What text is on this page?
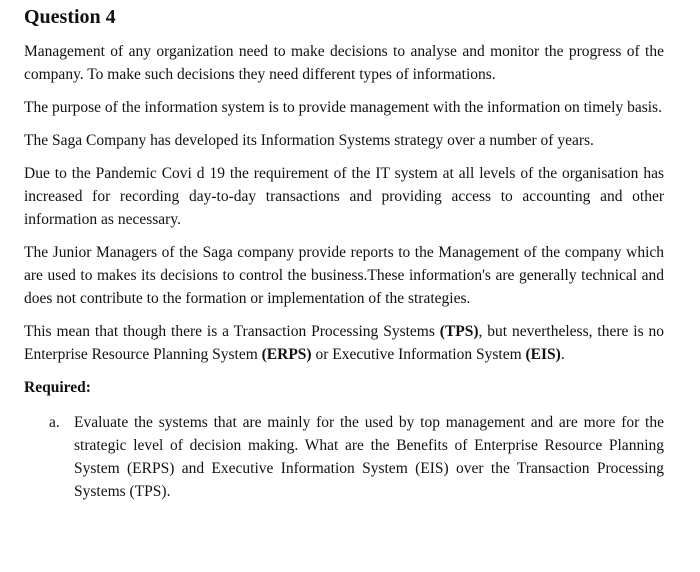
Question 4

Management of any organization need to make decisions to analyse and monitor the progress of the company. To make such decisions they need different types of informations.

The purpose of the information system is to provide management with the information on timely basis.

The Saga Company has developed its Information Systems strategy over a number of years.

Due to the Pandemic Covi d 19 the requirement of the IT system at all levels of the organisation has increased for recording day-to-day transactions and providing access to accounting and other information as necessary.

The Junior Managers of the Saga company provide reports to the Management of the company which are used to makes its decisions to control the business.These information's are generally technical and does not contribute to the formation or implementation of the strategies.

This mean that though there is a Transaction Processing Systems (TPS), but nevertheless, there is no Enterprise Resource Planning System (ERPS) or Executive Information System (EIS).

Required:
a. Evaluate the systems that are mainly for the used by top management and are more for the strategic level of decision making. What are the Benefits of Enterprise Resource Planning System (ERPS) and Executive Information System (EIS) over the Transaction Processing Systems (TPS).
